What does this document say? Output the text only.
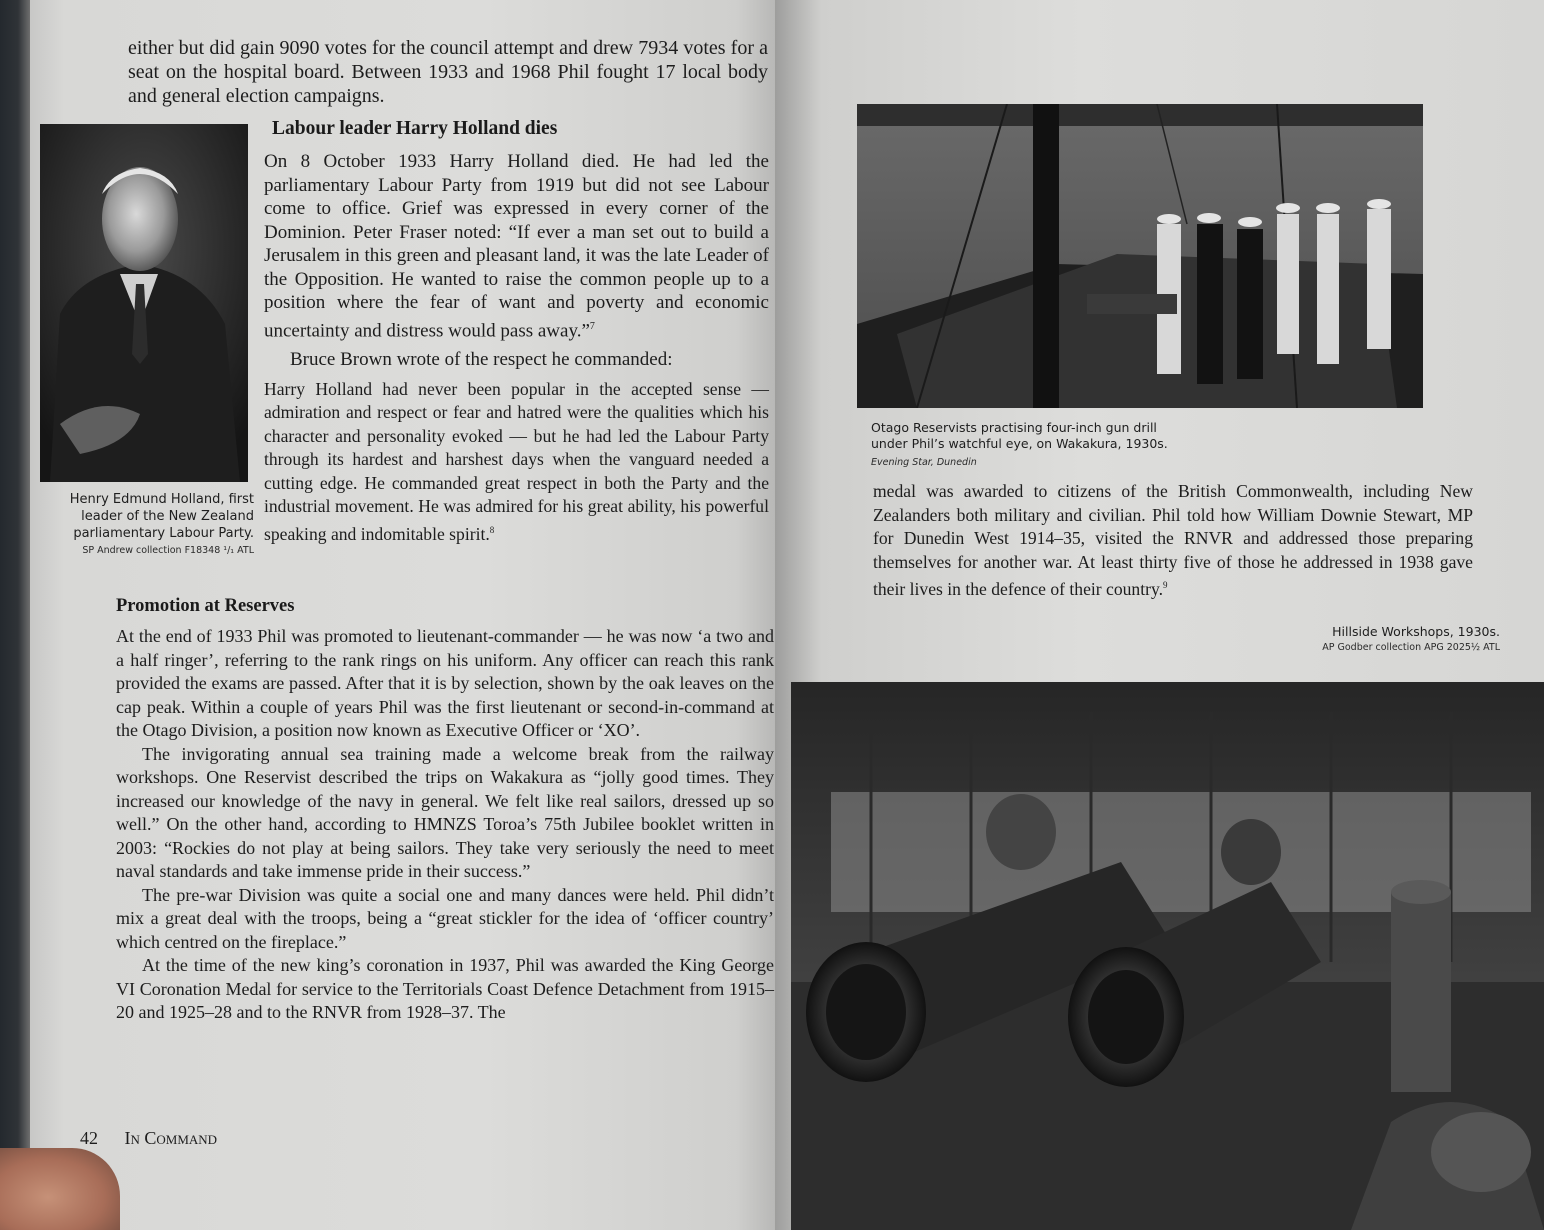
either but did gain 9090 votes for the council attempt and drew 7934 votes for a seat on the hospital board. Between 1933 and 1968 Phil fought 17 local body and general election campaigns.

Henry Edmund Holland, first leader of the New Zealand parliamentary Labour Party.

SP Andrew collection F18348 ¹/₁ ATL

Labour leader Harry Holland dies

On 8 October 1933 Harry Holland died. He had led the parliamentary Labour Party from 1919 but did not see Labour come to office. Grief was expressed in every corner of the Dominion. Peter Fraser noted: “If ever a man set out to build a Jerusalem in this green and pleasant land, it was the late Leader of the Opposition. He wanted to raise the common people up to a position where the fear of want and poverty and economic uncertainty and distress would pass away.”$^7$

Bruce Brown wrote of the respect he commanded:

Harry Holland had never been popular in the accepted sense — admiration and respect or fear and hatred were the qualities which his character and personality evoked — but he had led the Labour Party through its hardest and harshest days when the vanguard needed a cutting edge. He commanded great respect in both the Party and the industrial movement. He was admired for his great ability, his powerful speaking and indomitable spirit.$^8$

Promotion at Reserves

At the end of 1933 Phil was promoted to lieutenant-commander — he was now ‘a two and a half ringer’, referring to the rank rings on his uniform. Any officer can reach this rank provided the exams are passed. After that it is by selection, shown by the oak leaves on the cap peak. Within a couple of years Phil was the first lieutenant or second-in-command at the Otago Division, a position now known as Executive Officer or ‘XO’.

The invigorating annual sea training made a welcome break from the railway workshops. One Reservist described the trips on Wakakura as “jolly good times. They increased our knowledge of the navy in general. We felt like real sailors, dressed up so well.” On the other hand, according to HMNZS Toroa’s 75th Jubilee booklet written in 2003: “Rockies do not play at being sailors. They take very seriously the need to meet naval standards and take immense pride in their success.”

The pre-war Division was quite a social one and many dances were held. Phil didn’t mix a great deal with the troops, being a “great stickler for the idea of ‘officer country’ which centred on the fireplace.”

At the time of the new king’s coronation in 1937, Phil was awarded the King George VI Coronation Medal for service to the Territorials Coast Defence Detachment from 1915–20 and 1925–28 and to the RNVR from 1928–37. The

42 In Command

Otago Reservists practising four-inch gun drill

under Phil’s watchful eye, on Wakakura, 1930s.

Evening Star, Dunedin

medal was awarded to citizens of the British Commonwealth, including New Zealanders both military and civilian. Phil told how William Downie Stewart, MP for Dunedin West 1914–35, visited the RNVR and addressed those preparing themselves for another war. At least thirty five of those he addressed in 1938 gave their lives in the defence of their country.$^9$

Hillside Workshops, 1930s.

AP Godber collection APG 2025½ ATL
